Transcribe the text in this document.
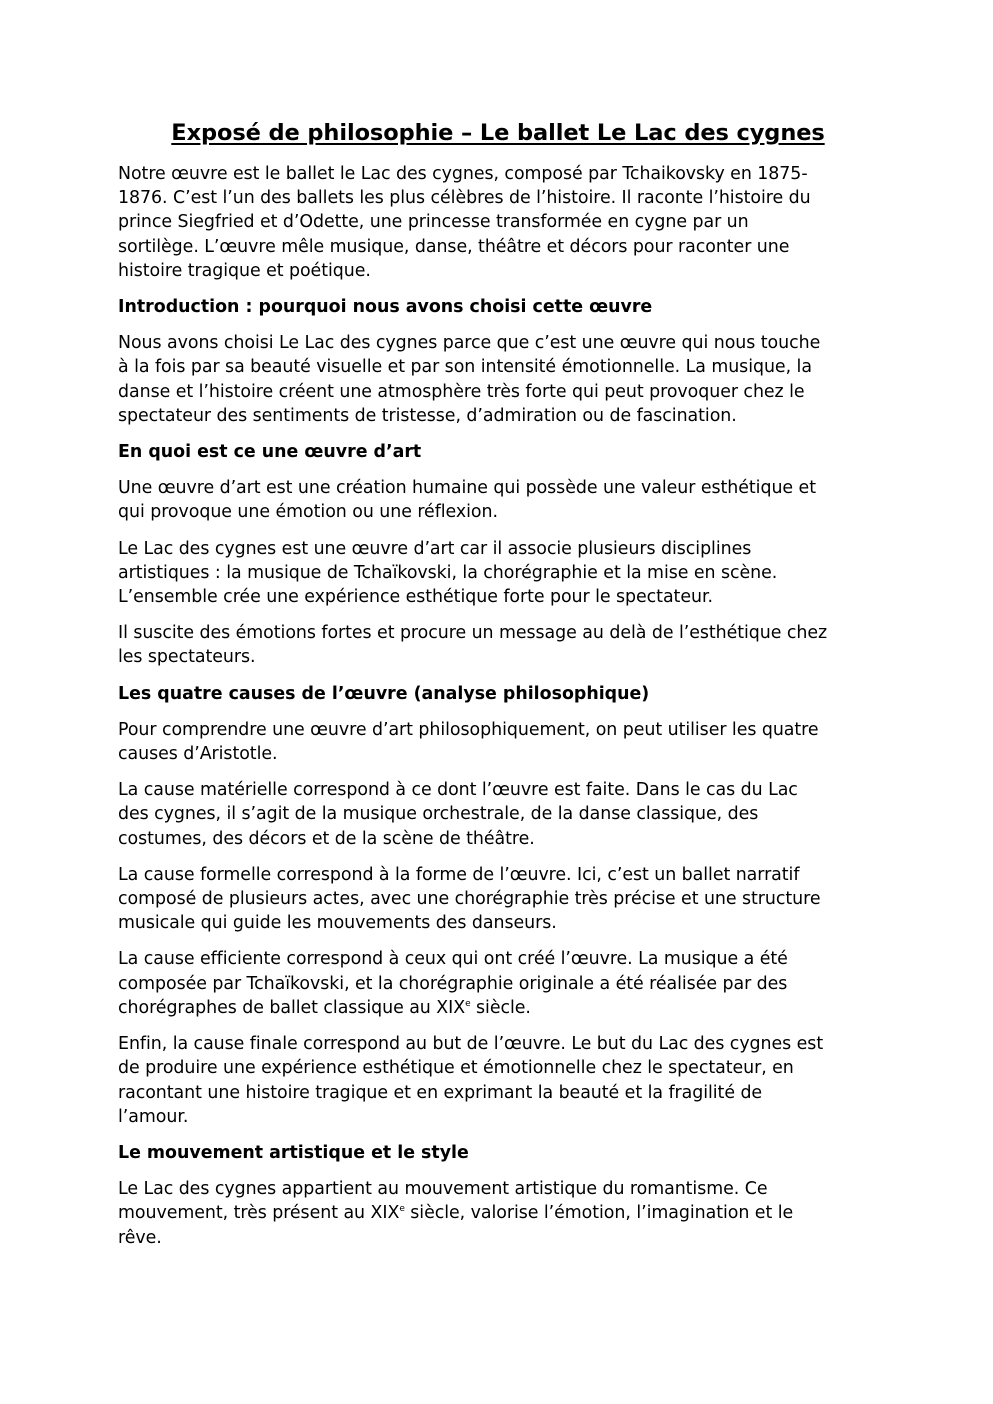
Exposé de philosophie – Le ballet Le Lac des cygnes

Notre œuvre est le ballet le Lac des cygnes, composé par Tchaikovsky en 1875-
1876. C’est l’un des ballets les plus célèbres de l’histoire. Il raconte l’histoire du
prince Siegfried et d’Odette, une princesse transformée en cygne par un
sortilège. L’œuvre mêle musique, danse, théâtre et décors pour raconter une
histoire tragique et poétique.

Introduction : pourquoi nous avons choisi cette œuvre

Nous avons choisi Le Lac des cygnes parce que c’est une œuvre qui nous touche
à la fois par sa beauté visuelle et par son intensité émotionnelle. La musique, la
danse et l’histoire créent une atmosphère très forte qui peut provoquer chez le
spectateur des sentiments de tristesse, d’admiration ou de fascination.

En quoi est ce une œuvre d’art

Une œuvre d’art est une création humaine qui possède une valeur esthétique et
qui provoque une émotion ou une réflexion.

Le Lac des cygnes est une œuvre d’art car il associe plusieurs disciplines
artistiques : la musique de Tchaïkovski, la chorégraphie et la mise en scène.
L’ensemble crée une expérience esthétique forte pour le spectateur.

Il suscite des émotions fortes et procure un message au delà de l’esthétique chez
les spectateurs.

Les quatre causes de l’œuvre (analyse philosophique)

Pour comprendre une œuvre d’art philosophiquement, on peut utiliser les quatre
causes d’Aristotle.

La cause matérielle correspond à ce dont l’œuvre est faite. Dans le cas du Lac
des cygnes, il s’agit de la musique orchestrale, de la danse classique, des
costumes, des décors et de la scène de théâtre.

La cause formelle correspond à la forme de l’œuvre. Ici, c’est un ballet narratif
composé de plusieurs actes, avec une chorégraphie très précise et une structure
musicale qui guide les mouvements des danseurs.

La cause efficiente correspond à ceux qui ont créé l’œuvre. La musique a été
composée par Tchaïkovski, et la chorégraphie originale a été réalisée par des
chorégraphes de ballet classique au XIXe siècle.

Enfin, la cause finale correspond au but de l’œuvre. Le but du Lac des cygnes est
de produire une expérience esthétique et émotionnelle chez le spectateur, en
racontant une histoire tragique et en exprimant la beauté et la fragilité de
l’amour.

Le mouvement artistique et le style

Le Lac des cygnes appartient au mouvement artistique du romantisme. Ce
mouvement, très présent au XIXe siècle, valorise l’émotion, l’imagination et le
rêve.
